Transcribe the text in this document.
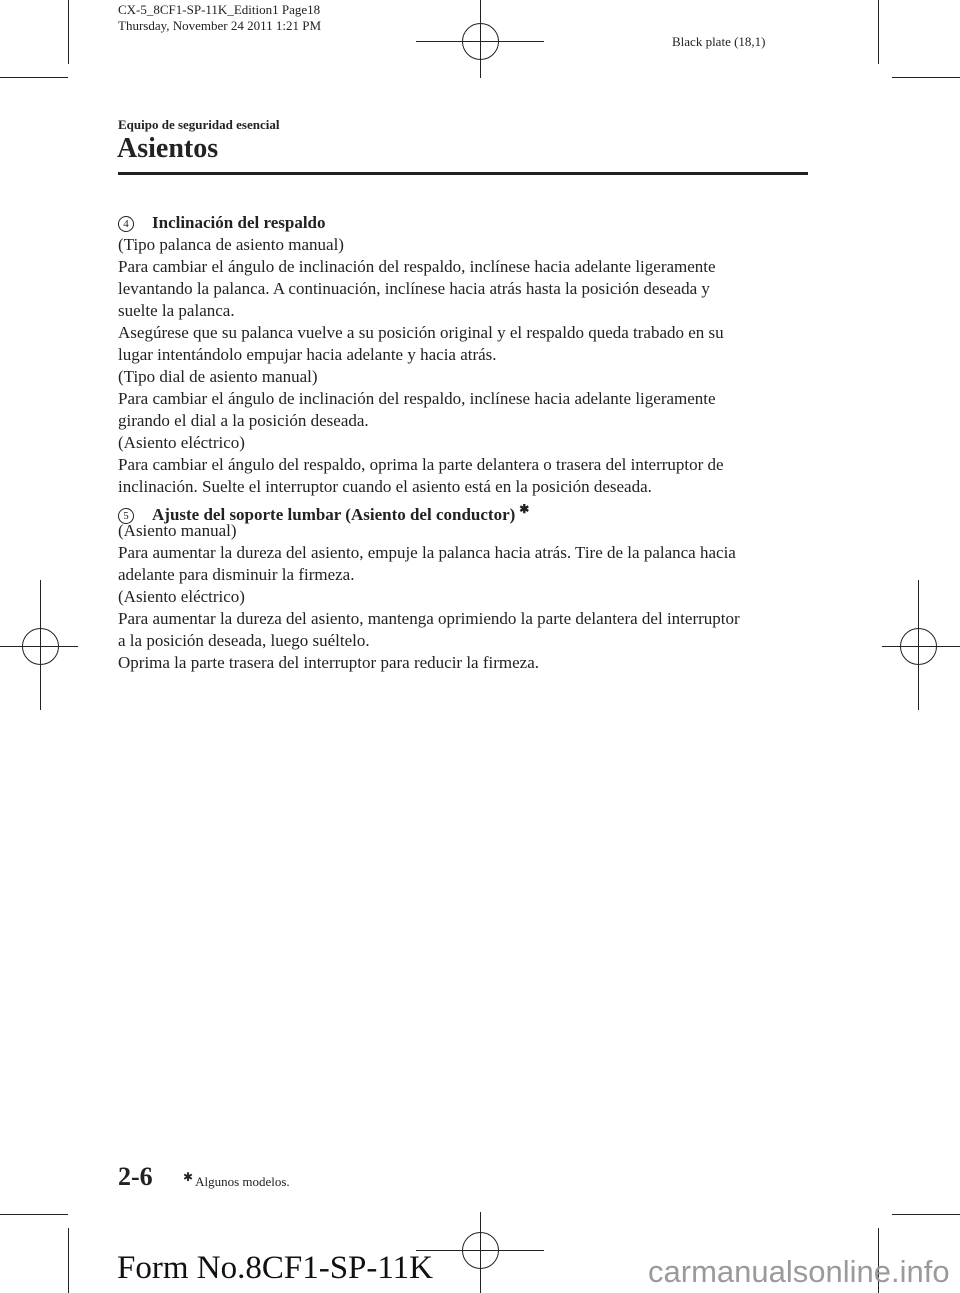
CX-5_8CF1-SP-11K_Edition1 Page18
Thursday, November 24 2011 1:21 PM
Black plate (18,1)
Equipo de seguridad esencial
Asientos
4 Inclinación del respaldo
(Tipo palanca de asiento manual)
Para cambiar el ángulo de inclinación del respaldo, inclínese hacia adelante ligeramente
levantando la palanca. A continuación, inclínese hacia atrás hasta la posición deseada y
suelte la palanca.
Asegúrese que su palanca vuelve a su posición original y el respaldo queda trabado en su
lugar intentándolo empujar hacia adelante y hacia atrás.
(Tipo dial de asiento manual)
Para cambiar el ángulo de inclinación del respaldo, inclínese hacia adelante ligeramente
girando el dial a la posición deseada.
(Asiento eléctrico)
Para cambiar el ángulo del respaldo, oprima la parte delantera o trasera del interruptor de
inclinación. Suelte el interruptor cuando el asiento está en la posición deseada.
5 Ajuste del soporte lumbar (Asiento del conductor) ✱
(Asiento manual)
Para aumentar la dureza del asiento, empuje la palanca hacia atrás. Tire de la palanca hacia
adelante para disminuir la firmeza.
(Asiento eléctrico)
Para aumentar la dureza del asiento, mantenga oprimiendo la parte delantera del interruptor
a la posición deseada, luego suéltelo.
Oprima la parte trasera del interruptor para reducir la firmeza.
2-6	✱ Algunos modelos.
Form No.8CF1-SP-11K	carmanualsonline.info
